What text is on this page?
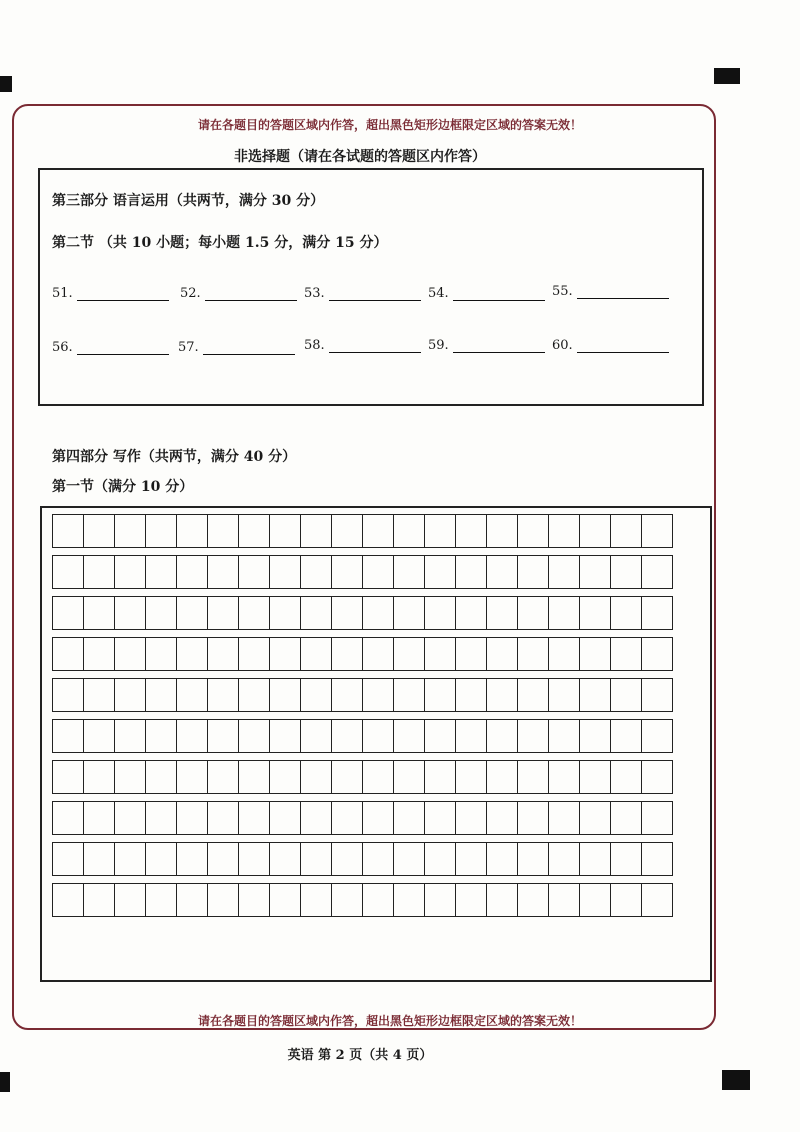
请在各题目的答题区域内作答，超出黑色矩形边框限定区域的答案无效！
非选择题（请在各试题的答题区内作答）
第三部分 语言运用（共两节，满分 30 分）
第二节 （共 10 小题；每小题 1.5 分，满分 15 分）
51.	52.	53.	54.	55.
56.	57.	58.	59.	60.
第四部分 写作（共两节，满分 40 分）
第一节（满分 10 分）
请在各题目的答题区域内作答，超出黑色矩形边框限定区域的答案无效！
英语 第 2 页（共 4 页）
